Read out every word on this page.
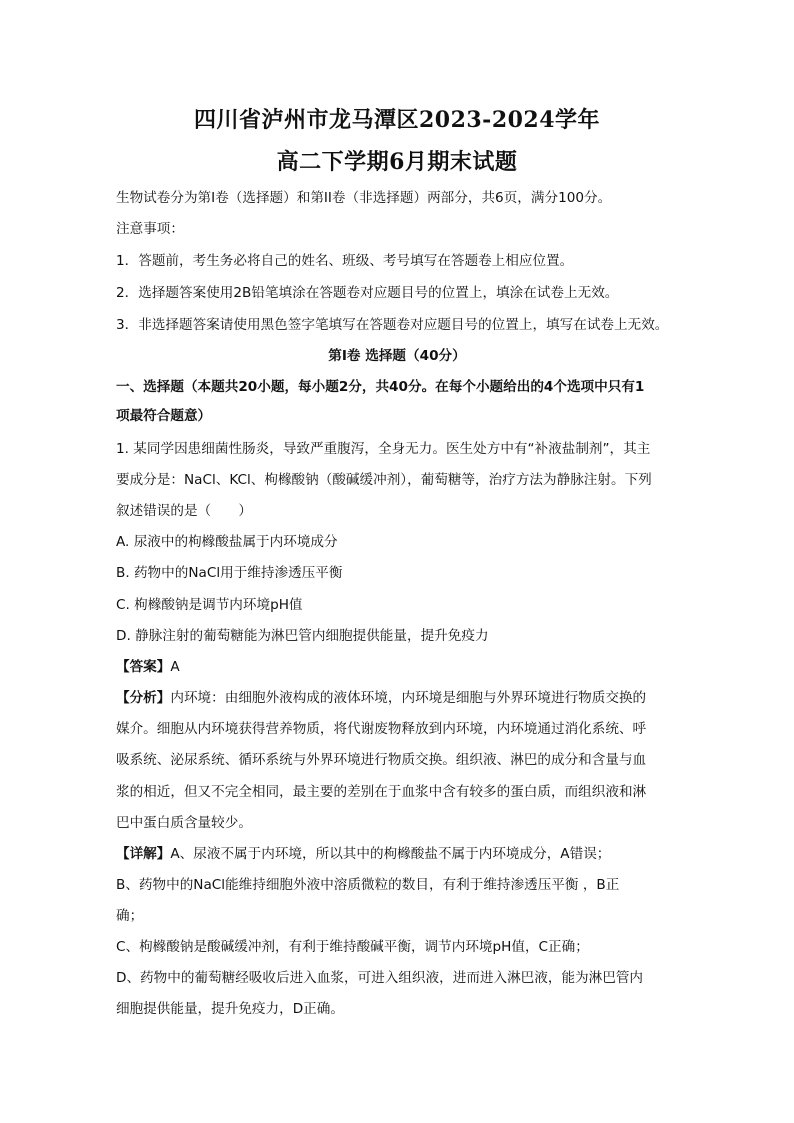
四川省泸州市龙马潭区2023-2024学年
高二下学期6月期末试题
生物试卷分为第I卷（选择题）和第II卷（非选择题）两部分，共6页，满分100分。
注意事项：
1．答题前，考生务必将自己的姓名、班级、考号填写在答题卷上相应位置。
2．选择题答案使用2B铅笔填涂在答题卷对应题目号的位置上，填涂在试卷上无效。
3．非选择题答案请使用黑色签字笔填写在答题卷对应题目号的位置上，填写在试卷上无效。
第I卷 选择题（40分）
一、选择题（本题共20小题，每小题2分，共40分。在每个小题给出的4个选项中只有1
项最符合题意）
1. 某同学因患细菌性肠炎，导致严重腹泻，全身无力。医生处方中有“补液盐制剂”，其主
要成分是：NaCl、KCl、枸橼酸钠（酸碱缓冲剂），葡萄糖等，治疗方法为静脉注射。下列
叙述错误的是（　　）
A. 尿液中的枸橼酸盐属于内环境成分
B. 药物中的NaCl用于维持渗透压平衡
C. 枸橼酸钠是调节内环境pH值
D. 静脉注射的葡萄糖能为淋巴管内细胞提供能量，提升免疫力
【答案】A
【分析】内环境：由细胞外液构成的液体环境，内环境是细胞与外界环境进行物质交换的
媒介。细胞从内环境获得营养物质，将代谢废物释放到内环境，内环境通过消化系统、呼
吸系统、泌尿系统、循环系统与外界环境进行物质交换。组织液、淋巴的成分和含量与血
浆的相近，但又不完全相同，最主要的差别在于血浆中含有较多的蛋白质，而组织液和淋
巴中蛋白质含量较少。
【详解】A、尿液不属于内环境，所以其中的枸橼酸盐不属于内环境成分，A错误；
B、药物中的NaCl能维持细胞外液中溶质微粒的数目，有利于维持渗透压平衡 ，B正
确；
C、枸橼酸钠是酸碱缓冲剂，有利于维持酸碱平衡，调节内环境pH值，C正确；
D、药物中的葡萄糖经吸收后进入血浆，可进入组织液，进而进入淋巴液，能为淋巴管内
细胞提供能量，提升免疫力，D正确。
